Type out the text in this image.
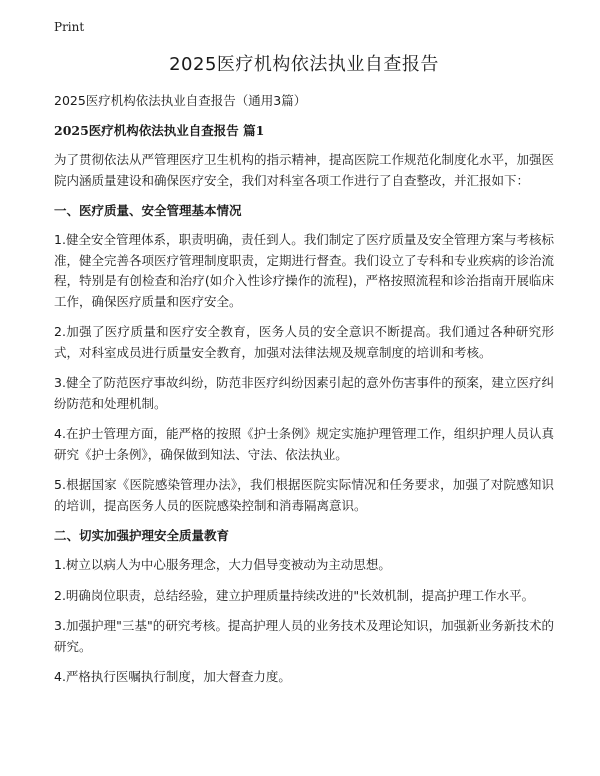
Print
2025医疗机构依法执业自查报告

2025医疗机构依法执业自查报告（通用3篇）

2025医疗机构依法执业自查报告 篇1

为了贯彻依法从严管理医疗卫生机构的指示精神，提高医院工作规范化制度化水平，加强医院内涵质量建设和确保医疗安全，我们对科室各项工作进行了自查整改，并汇报如下：

一、医疗质量、安全管理基本情况

1.健全安全管理体系，职责明确，责任到人。我们制定了医疗质量及安全管理方案与考核标准，健全完善各项医疗管理制度职责，定期进行督查。我们设立了专科和专业疾病的诊治流程，特别是有创检查和治疗(如介入性诊疗操作的流程)，严格按照流程和诊治指南开展临床工作，确保医疗质量和医疗安全。

2.加强了医疗质量和医疗安全教育，医务人员的安全意识不断提高。我们通过各种研究形式，对科室成员进行质量安全教育，加强对法律法规及规章制度的培训和考核。

3.健全了防范医疗事故纠纷，防范非医疗纠纷因素引起的意外伤害事件的预案，建立医疗纠纷防范和处理机制。

4.在护士管理方面，能严格的按照《护士条例》规定实施护理管理工作，组织护理人员认真研究《护士条例》，确保做到知法、守法、依法执业。

5.根据国家《医院感染管理办法》，我们根据医院实际情况和任务要求，加强了对院感知识的培训，提高医务人员的医院感染控制和消毒隔离意识。

二、切实加强护理安全质量教育

1.树立以病人为中心服务理念，大力倡导变被动为主动思想。

2.明确岗位职责，总结经验，建立护理质量持续改进的"长效机制，提高护理工作水平。

3.加强护理"三基"的研究考核。提高护理人员的业务技术及理论知识，加强新业务新技术的研究。

4.严格执行医嘱执行制度，加大督查力度。
